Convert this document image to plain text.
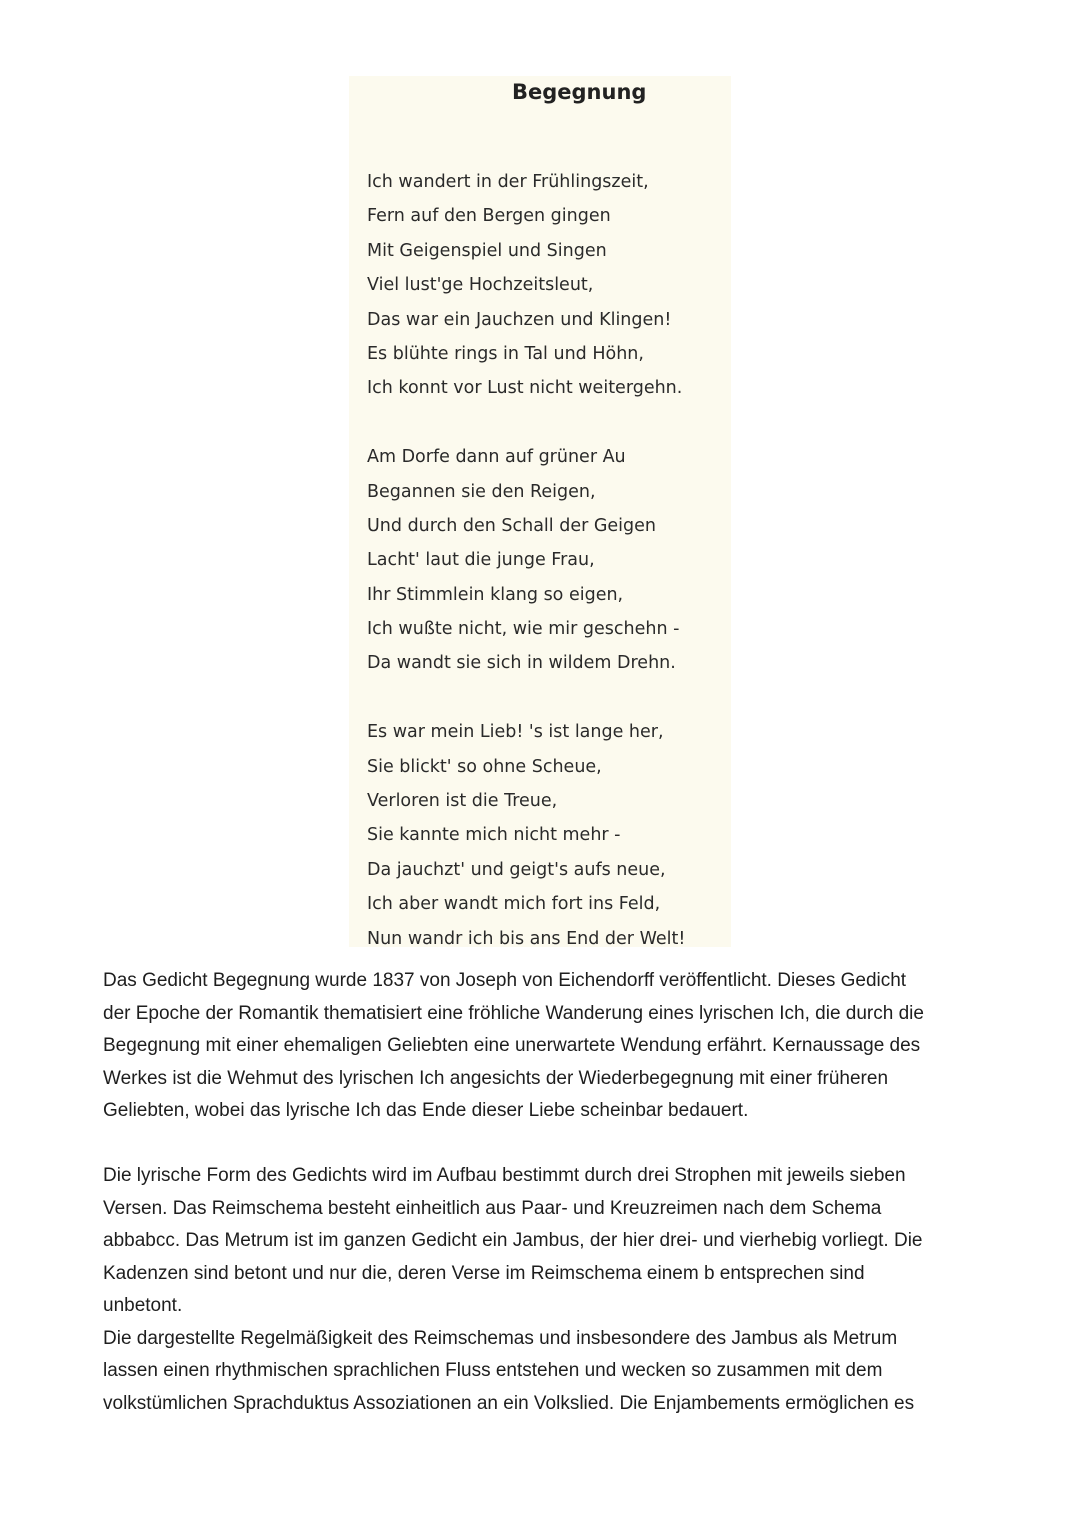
Begegnung
Ich wandert in der Frühlingszeit,
Fern auf den Bergen gingen
Mit Geigenspiel und Singen
Viel lust'ge Hochzeitsleut,
Das war ein Jauchzen und Klingen!
Es blühte rings in Tal und Höhn,
Ich konnt vor Lust nicht weitergehn.
Am Dorfe dann auf grüner Au
Begannen sie den Reigen,
Und durch den Schall der Geigen
Lacht' laut die junge Frau,
Ihr Stimmlein klang so eigen,
Ich wußte nicht, wie mir geschehn -
Da wandt sie sich in wildem Drehn.
Es war mein Lieb! 's ist lange her,
Sie blickt' so ohne Scheue,
Verloren ist die Treue,
Sie kannte mich nicht mehr -
Da jauchzt' und geigt's aufs neue,
Ich aber wandt mich fort ins Feld,
Nun wandr ich bis ans End der Welt!
Das Gedicht Begegnung wurde 1837 von Joseph von Eichendorff veröffentlicht. Dieses Gedicht
der Epoche der Romantik thematisiert eine fröhliche Wanderung eines lyrischen Ich, die durch die
Begegnung mit einer ehemaligen Geliebten eine unerwartete Wendung erfährt. Kernaussage des
Werkes ist die Wehmut des lyrischen Ich angesichts der Wiederbegegnung mit einer früheren
Geliebten, wobei das lyrische Ich das Ende dieser Liebe scheinbar bedauert.
Die lyrische Form des Gedichts wird im Aufbau bestimmt durch drei Strophen mit jeweils sieben
Versen. Das Reimschema besteht einheitlich aus Paar- und Kreuzreimen nach dem Schema
abbabcc. Das Metrum ist im ganzen Gedicht ein Jambus, der hier drei- und vierhebig vorliegt. Die
Kadenzen sind betont und nur die, deren Verse im Reimschema einem b entsprechen sind
unbetont.
Die dargestellte Regelmäßigkeit des Reimschemas und insbesondere des Jambus als Metrum
lassen einen rhythmischen sprachlichen Fluss entstehen und wecken so zusammen mit dem
volkstümlichen Sprachduktus Assoziationen an ein Volkslied. Die Enjambements ermöglichen es
